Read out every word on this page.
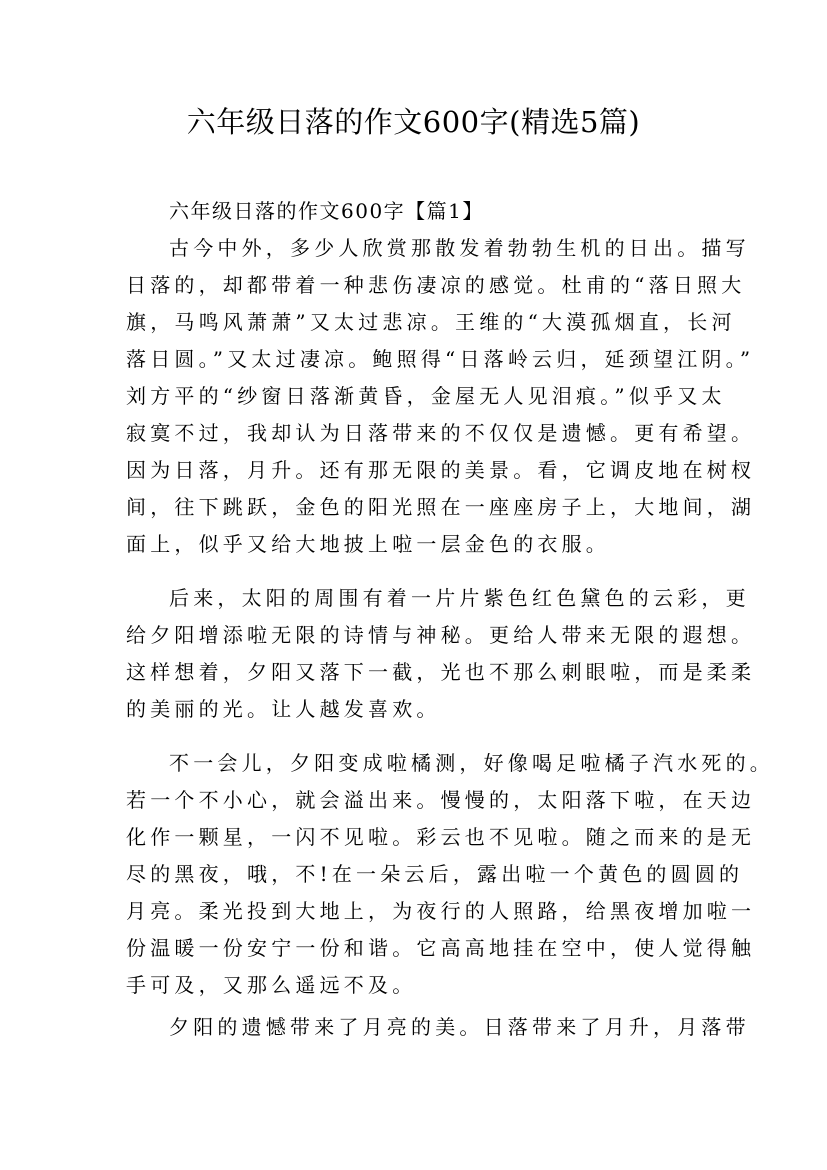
六年级日落的作文600字(精选5篇)

六年级日落的作文600字【篇1】

古今中外，多少人欣赏那散发着勃勃生机的日出。描写

日落的，却都带着一种悲伤凄凉的感觉。杜甫的“落日照大

旗，马鸣风萧萧”又太过悲凉。王维的“大漠孤烟直，长河

落日圆。”又太过凄凉。鲍照得“日落岭云归，延颈望江阴。”

刘方平的“纱窗日落渐黄昏，金屋无人见泪痕。”似乎又太

寂寞不过，我却认为日落带来的不仅仅是遗憾。更有希望。

因为日落，月升。还有那无限的美景。看，它调皮地在树杈

间，往下跳跃，金色的阳光照在一座座房子上，大地间，湖

面上，似乎又给大地披上啦一层金色的衣服。

后来，太阳的周围有着一片片紫色红色黛色的云彩，更

给夕阳增添啦无限的诗情与神秘。更给人带来无限的遐想。

这样想着，夕阳又落下一截，光也不那么刺眼啦，而是柔柔

的美丽的光。让人越发喜欢。

不一会儿，夕阳变成啦橘测，好像喝足啦橘子汽水死的。

若一个不小心，就会溢出来。慢慢的，太阳落下啦，在天边

化作一颗星，一闪不见啦。彩云也不见啦。随之而来的是无

尽的黑夜，哦，不!在一朵云后，露出啦一个黄色的圆圆的

月亮。柔光投到大地上，为夜行的人照路，给黑夜增加啦一

份温暖一份安宁一份和谐。它高高地挂在空中，使人觉得触

手可及，又那么遥远不及。

夕阳的遗憾带来了月亮的美。日落带来了月升，月落带
